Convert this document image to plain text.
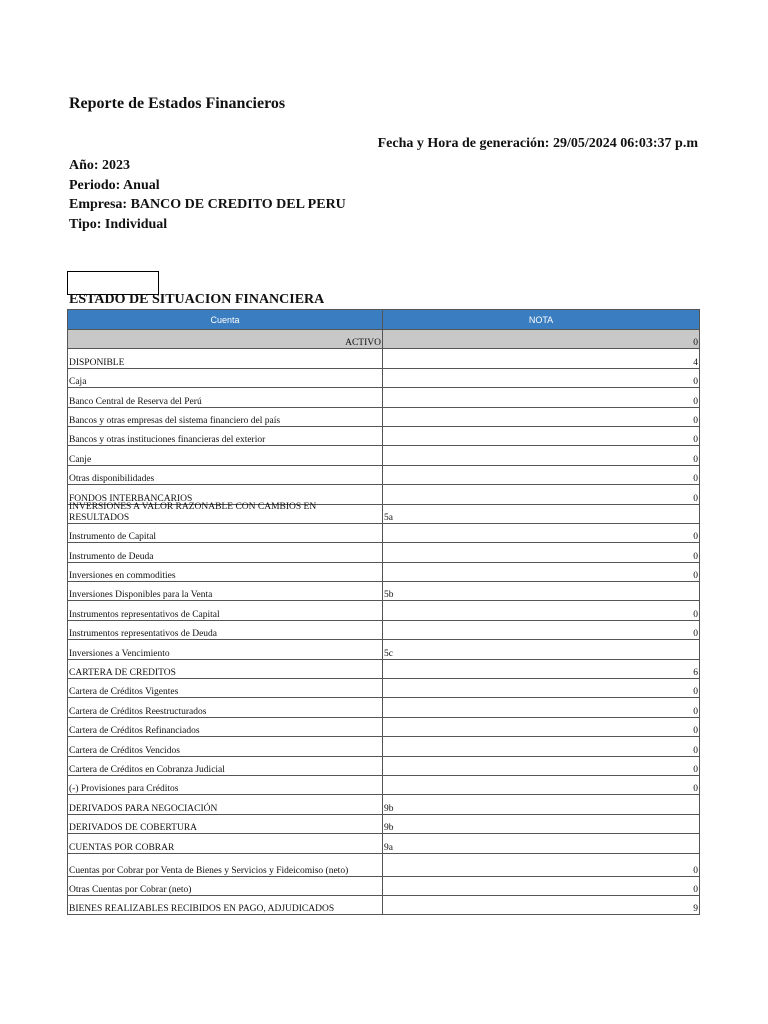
Reporte de Estados Financieros
Fecha y Hora de generación: 29/05/2024 06:03:37 p.m
Año: 2023
Periodo: Anual
Empresa: BANCO DE CREDITO DEL PERU
Tipo: Individual
ESTADO DE SITUACION FINANCIERA
Cuenta	NOTA
ACTIVO	0
DISPONIBLE	4
Caja	0
Banco Central de Reserva del Perú	0
Bancos y otras empresas del sistema financiero del país	0
Bancos y otras instituciones financieras del exterior	0
Canje	0
Otras disponibilidades	0
FONDOS INTERBANCARIOS	0

INVERSIONES A VALOR RAZONABLE CON CAMBIOS EN
RESULTADOS	5a
Instrumento de Capital	0
Instrumento de Deuda	0
Inversiones en commodities	0
Inversiones Disponibles para la Venta	5b
Instrumentos representativos de Capital	0
Instrumentos representativos de Deuda	0
Inversiones a Vencimiento	5c
CARTERA DE CREDITOS	6
Cartera de Créditos Vigentes	0
Cartera de Créditos Reestructurados	0
Cartera de Créditos Refinanciados	0
Cartera de Créditos Vencidos	0
Cartera de Créditos en Cobranza Judicial	0
(-) Provisiones para Créditos	0
DERIVADOS PARA NEGOCIACIÓN	9b
DERIVADOS DE COBERTURA	9b
CUENTAS POR COBRAR	9a
Cuentas por Cobrar por Venta de Bienes y Servicios y Fideicomiso (neto)	0
Otras Cuentas por Cobrar (neto)	0
BIENES REALIZABLES RECIBIDOS EN PAGO, ADJUDICADOS	9
